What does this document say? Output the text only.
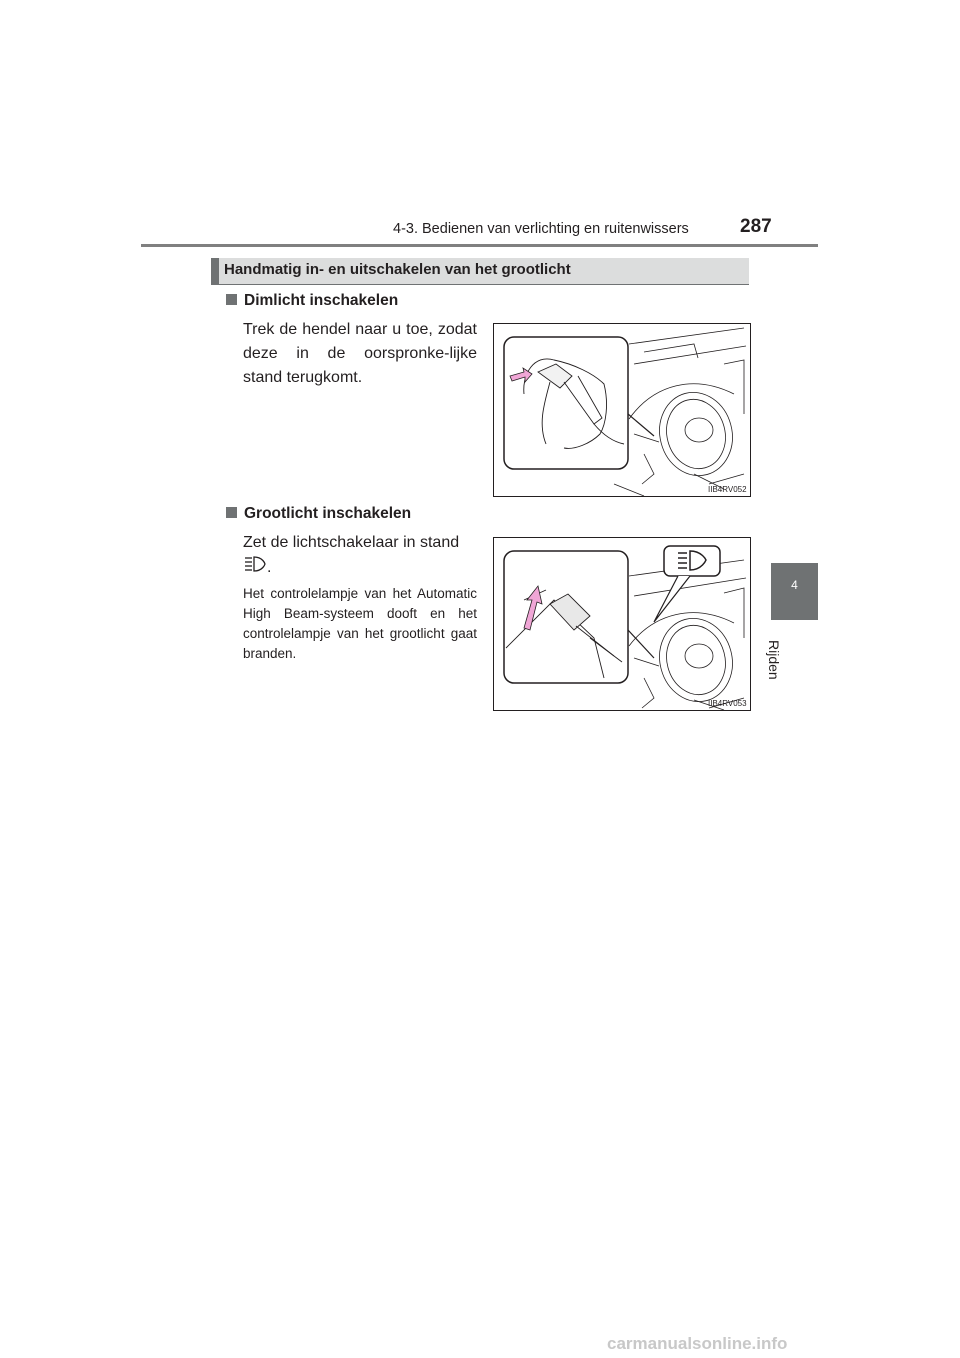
4-3. Bedienen van verlichting en ruitenwissers	287
4
Rijden
Handmatig in- en uitschakelen van het grootlicht
Dimlicht inschakelen
Trek de hendel naar u toe, zodat deze in de oorspronke-lijke stand terugkomt.
IIB4RV052
Grootlicht inschakelen
Zet de lichtschakelaar in stand
.
Het controlelampje van het Automatic High Beam-systeem dooft en het controlelampje van het grootlicht gaat branden.
IIB4RV053
carmanualsonline.info
